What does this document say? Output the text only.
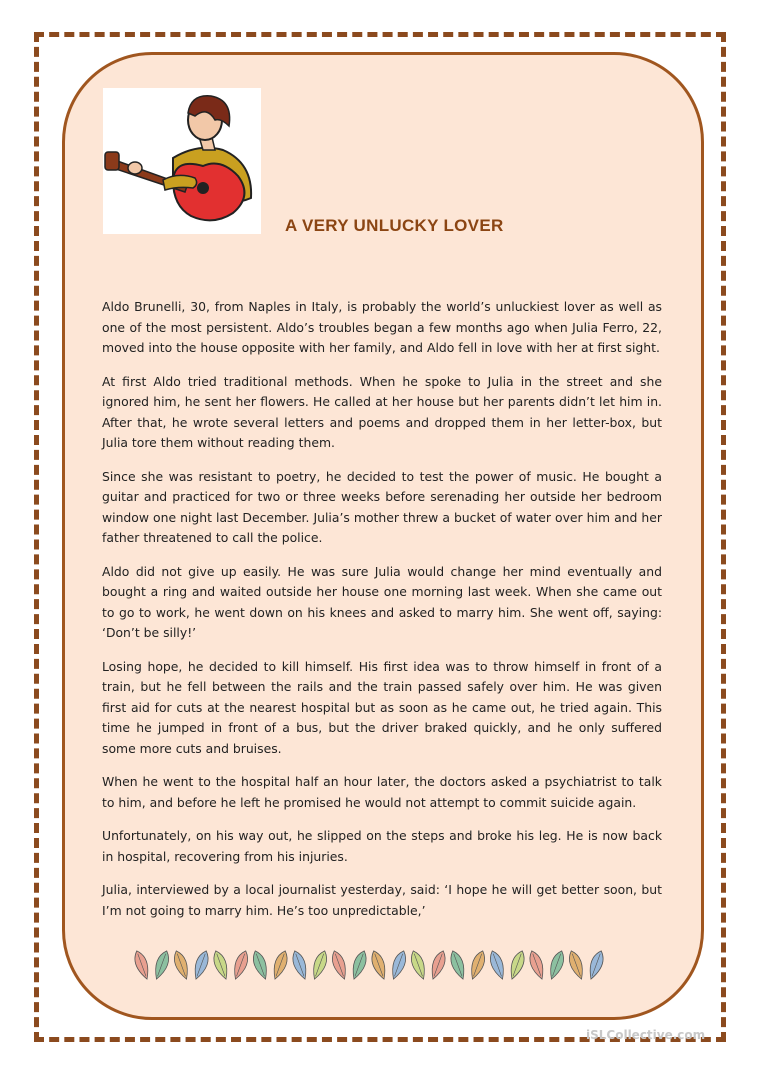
A VERY UNLUCKY LOVER

Aldo Brunelli, 30, from Naples in Italy, is probably the world’s unluckiest lover as well as one of the most persistent. Aldo’s troubles began a few months ago when Julia Ferro, 22, moved into the house opposite with her family, and Aldo fell in love with her at first sight.

At first Aldo tried traditional methods. When he spoke to Julia in the street and she ignored him, he sent her flowers. He called at her house but her parents didn’t let him in. After that, he wrote several letters and poems and dropped them in her letter-box, but Julia tore them without reading them.

Since she was resistant to poetry, he decided to test the power of music. He bought a guitar and practiced for two or three weeks before serenading her outside her bedroom window one night last December. Julia’s mother threw a bucket of water over him and her father threatened to call the police.

Aldo did not give up easily. He was sure Julia would change her mind eventually and bought a ring and waited outside her house one morning last week. When she came out to go to work, he went down on his knees and asked to marry him. She went off, saying: ‘Don’t be silly!’

Losing hope, he decided to kill himself. His first idea was to throw himself in front of a train, but he fell between the rails and the train passed safely over him. He was given first aid for cuts at the nearest hospital but as soon as he came out, he tried again. This time he jumped in front of a bus, but the driver braked quickly, and he only suffered some more cuts and bruises.

When he went to the hospital half an hour later, the doctors asked a psychiatrist to talk to him, and before he left he promised he would not attempt to commit suicide again.

Unfortunately, on his way out, he slipped on the steps and broke his leg. He is now back in hospital, recovering from his injuries.

Julia, interviewed by a local journalist yesterday, said: ‘I hope he will get better soon, but I’m not going to marry him. He’s too unpredictable,’

iSLCollective.com
